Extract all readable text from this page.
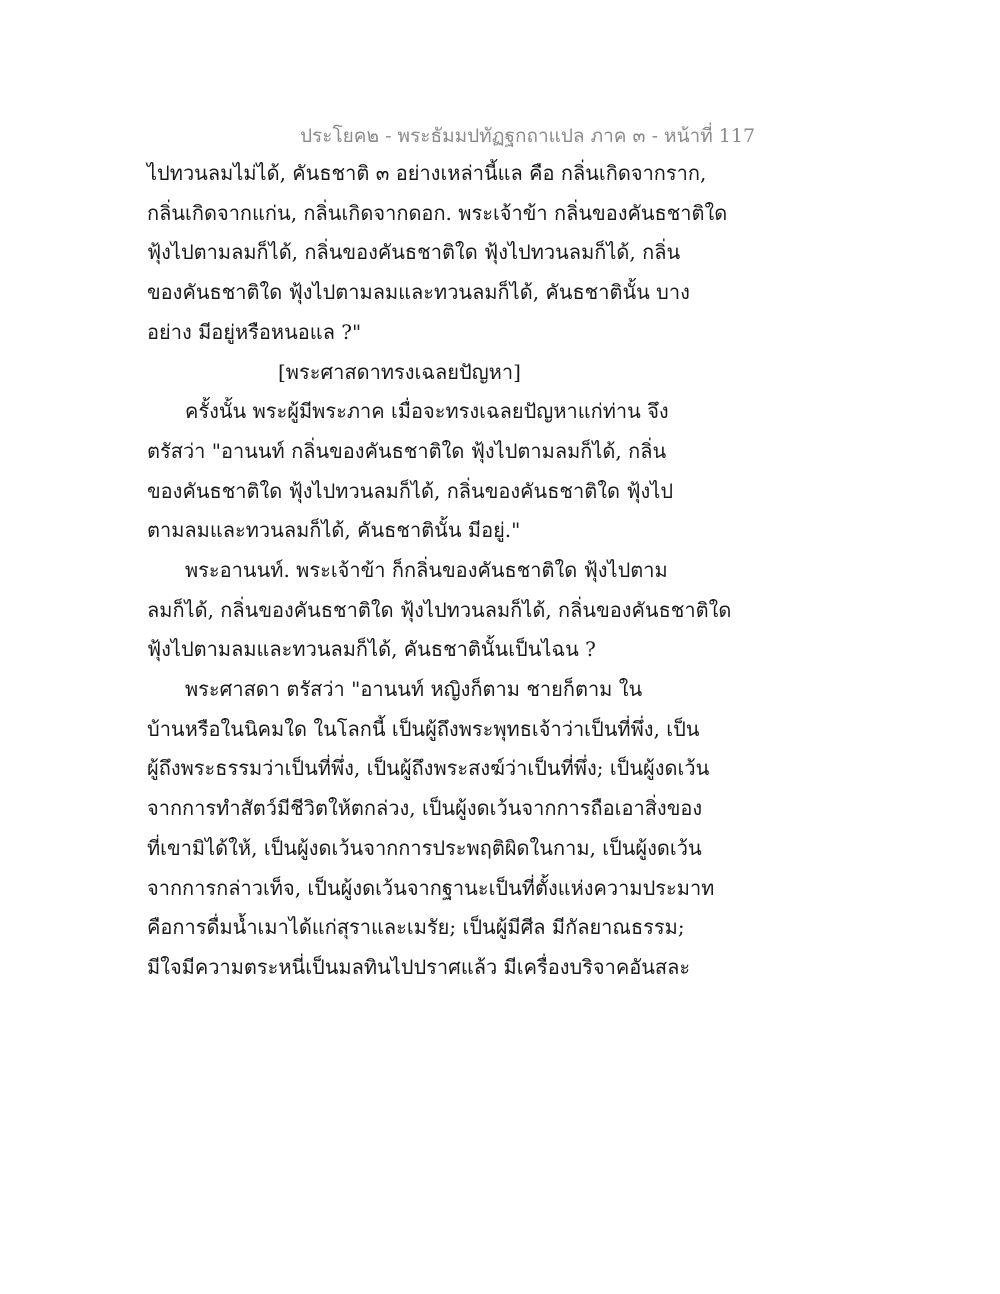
ประโยค๒ - พระธัมมปทัฏฐกถาแปล ภาค ๓ - หน้าที่ 117
ไปทวนลมไม่ได้, คันธชาติ ๓ อย่างเหล่านี้แล คือ กลิ่นเกิดจากราก,
กลิ่นเกิดจากแก่น, กลิ่นเกิดจากดอก. พระเจ้าข้า กลิ่นของคันธชาติใด
ฟุ้งไปตามลมก็ได้, กลิ่นของคันธชาติใด ฟุ้งไปทวนลมก็ได้, กลิ่น
ของคันธชาติใด ฟุ้งไปตามลมและทวนลมก็ได้, คันธชาตินั้น บาง
อย่าง มีอยู่หรือหนอแล ?"
[พระศาสดาทรงเฉลยปัญหา]
ครั้งนั้น พระผู้มีพระภาค เมื่อจะทรงเฉลยปัญหาแก่ท่าน จึง
ตรัสว่า "อานนท์ กลิ่นของคันธชาติใด ฟุ้งไปตามลมก็ได้, กลิ่น
ของคันธชาติใด ฟุ้งไปทวนลมก็ได้, กลิ่นของคันธชาติใด ฟุ้งไป
ตามลมและทวนลมก็ได้, คันธชาตินั้น มีอยู่."
พระอานนท์. พระเจ้าข้า ก็กลิ่นของคันธชาติใด ฟุ้งไปตาม
ลมก็ได้, กลิ่นของคันธชาติใด ฟุ้งไปทวนลมก็ได้, กลิ่นของคันธชาติใด
ฟุ้งไปตามลมและทวนลมก็ได้, คันธชาตินั้นเป็นไฉน ?
พระศาสดา ตรัสว่า "อานนท์ หญิงก็ตาม ชายก็ตาม ใน
บ้านหรือในนิคมใด ในโลกนี้ เป็นผู้ถึงพระพุทธเจ้าว่าเป็นที่พึ่ง, เป็น
ผู้ถึงพระธรรมว่าเป็นที่พึ่ง, เป็นผู้ถึงพระสงฆ์ว่าเป็นที่พึ่ง; เป็นผู้งดเว้น
จากการทำสัตว์มีชีวิตให้ตกล่วง, เป็นผู้งดเว้นจากการถือเอาสิ่งของ
ที่เขามิได้ให้, เป็นผู้งดเว้นจากการประพฤติผิดในกาม, เป็นผู้งดเว้น
จากการกล่าวเท็จ, เป็นผู้งดเว้นจากฐานะเป็นที่ตั้งแห่งความประมาท
คือการดื่มน้ำเมาได้แก่สุราและเมรัย; เป็นผู้มีศีล มีกัลยาณธรรม;
มีใจมีความตระหนี่เป็นมลทินไปปราศแล้ว มีเครื่องบริจาคอันสละ
